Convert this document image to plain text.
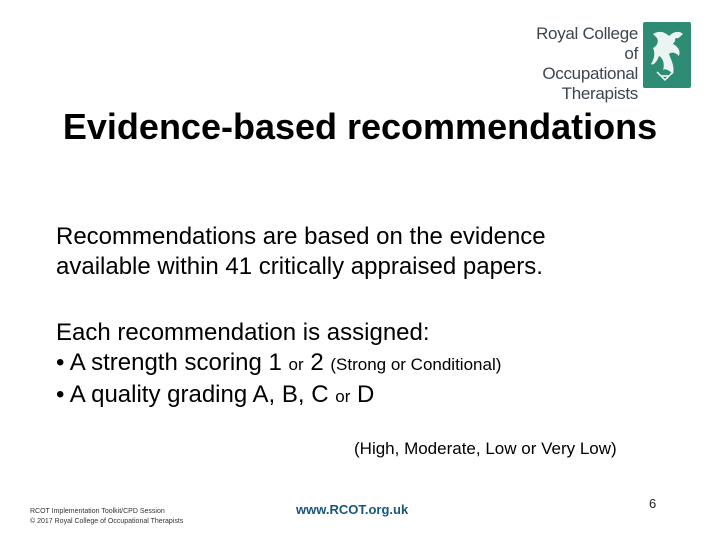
Royal College of
Occupational
Therapists
Evidence-based recommendations
Recommendations are based on the evidence
available within 41 critically appraised papers.
Each recommendation is assigned:
• A strength scoring 1 or 2 (Strong or Conditional)
• A quality grading A, B, C or D
(High, Moderate, Low or Very Low)
RCOT Implementation Toolkit/CPD Session
© 2017 Royal College of Occupational Therapists
www.RCOT.org.uk	6
